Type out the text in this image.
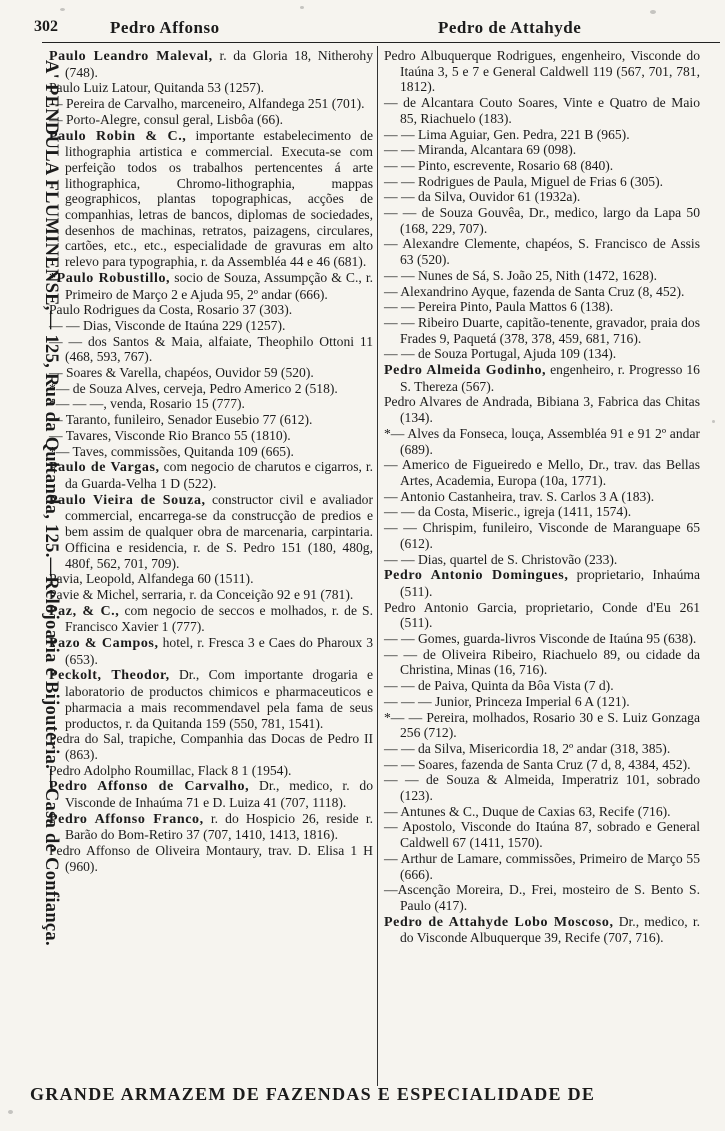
302	Pedro Affonso	Pedro de Attahyde
A' PENDULA FLUMINENSE,— 125, Rua da Quitanda, 125.—Relojoaria e Bijouteria.—Casa de Confiança.

Paulo Leandro Maleval, r. da Gloria 18, Nitherohy (748).

Paulo Luiz Latour, Quitanda 53 (1257).

— Pereira de Carvalho, marceneiro, Alfandega 251 (701).

— Porto-Alegre, consul geral, Lisbôa (66).

Paulo Robin & C., importante estabelecimento de lithographia artistica e commercial. Executa-se com perfeição todos os trabalhos pertencentes á arte lithographica, Chromo-lithographia, mappas geographicos, plantas topographicas, acções de companhias, letras de bancos, diplomas de sociedades, desenhos de machinas, retratos, paizagens, circulares, cartões, etc., etc., especialidade de gravuras em alto relevo para typographia, r. da Assembléa 44 e 46 (681).

*Paulo Robustillo, socio de Souza, Assumpção & C., r. Primeiro de Março 2 e Ajuda 95, 2º andar (666).

Paulo Rodrigues da Costa, Rosario 37 (303).

— — Dias, Visconde de Itaúna 229 (1257).

— — dos Santos & Maia, alfaiate, Theophilo Ottoni 11 (468, 593, 767).

— Soares & Varella, chapéos, Ouvidor 59 (520).

*— de Souza Alves, cerveja, Pedro Americo 2 (518).

*— — —, venda, Rosario 15 (777).

— Taranto, funileiro, Senador Eusebio 77 (612).

— Tavares, Visconde Rio Branco 55 (1810).

*— Taves, commissões, Quitanda 109 (665).

Paulo de Vargas, com negocio de charutos e cigarros, r. da Guarda-Velha 1 D (522).

Paulo Vieira de Souza, constructor civil e avaliador commercial, encarrega-se da construcção de predios e bem assim de qualquer obra de marcenaria, carpintaria. Officina e residencia, r. de S. Pedro 151 (180, 480g, 480f, 562, 701, 709).

Pavia, Leopold, Alfandega 60 (1511).

Pavie & Michel, serraria, r. da Conceição 92 e 91 (781).

Paz, & C., com negocio de seccos e molhados, r. de S. Francisco Xavier 1 (777).

Pazo & Campos, hotel, r. Fresca 3 e Caes do Pharoux 3 (653).

Peckolt, Theodor, Dr., Com importante drogaria e laboratorio de productos chimicos e pharmaceuticos e pharmacia a mais recommendavel pela fama de seus productos, r. da Quitanda 159 (550, 781, 1541).

Pedra do Sal, trapiche, Companhia das Docas de Pedro II (863).

Pedro Adolpho Roumillac, Flack 8 1 (1954).

Pedro Affonso de Carvalho, Dr., medico, r. do Visconde de Inhaúma 71 e D. Luiza 41 (707, 1118).

Pedro Affonso Franco, r. do Hospicio 26, reside r. Barão do Bom-Retiro 37 (707, 1410, 1413, 1816).

Pedro Affonso de Oliveira Montaury, trav. D. Elisa 1 H (960).

Pedro Albuquerque Rodrigues, engenheiro, Visconde do Itaúna 3, 5 e 7 e General Caldwell 119 (567, 701, 781, 1812).

— de Alcantara Couto Soares, Vinte e Quatro de Maio 85, Riachuelo (183).

— — Lima Aguiar, Gen. Pedra, 221 B (965).

— — Miranda, Alcantara 69 (098).

— — Pinto, escrevente, Rosario 68 (840).

— — Rodrigues de Paula, Miguel de Frias 6 (305).

— — da Silva, Ouvidor 61 (1932a).

— — de Souza Gouvêa, Dr., medico, largo da Lapa 50 (168, 229, 707).

— Alexandre Clemente, chapéos, S. Francisco de Assis 63 (520).

— — Nunes de Sá, S. João 25, Nith (1472, 1628).

— Alexandrino Ayque, fazenda de Santa Cruz (8, 452).

— — Pereira Pinto, Paula Mattos 6 (138).

— — Ribeiro Duarte, capitão-tenente, gravador, praia dos Frades 9, Paquetá (378, 378, 459, 681, 716).

— — de Souza Portugal, Ajuda 109 (134).

Pedro Almeida Godinho, engenheiro, r. Progresso 16 S. Thereza (567).

Pedro Alvares de Andrada, Bibiana 3, Fabrica das Chitas (134).

*— Alves da Fonseca, louça, Assembléa 91 e 91 2º andar (689).

— Americo de Figueiredo e Mello, Dr., trav. das Bellas Artes, Academia, Europa (10a, 1771).

— Antonio Castanheira, trav. S. Carlos 3 A (183).

— — da Costa, Miseric., igreja (1411, 1574).

— — Chrispim, funileiro, Visconde de Maranguape 65 (612).

— — Dias, quartel de S. Christovão (233).

Pedro Antonio Domingues, proprietario, Inhaúma (511).

Pedro Antonio Garcia, proprietario, Conde d'Eu 261 (511).

— — Gomes, guarda-livros Visconde de Itaúna 95 (638).

— — de Oliveira Ribeiro, Riachuelo 89, ou cidade da Christina, Minas (16, 716).

— — de Paiva, Quinta da Bôa Vista (7 d).

— — — Junior, Princeza Imperial 6 A (121).

*— — Pereira, molhados, Rosario 30 e S. Luiz Gonzaga 256 (712).

— — da Silva, Misericordia 18, 2º andar (318, 385).

— — Soares, fazenda de Santa Cruz (7 d, 8, 4384, 452).

— — de Souza & Almeida, Imperatriz 101, sobrado (123).

— Antunes & C., Duque de Caxias 63, Recife (716).

— Apostolo, Visconde do Itaúna 87, sobrado e General Caldwell 67 (1411, 1570).

— Arthur de Lamare, commissões, Primeiro de Março 55 (666).

—Ascenção Moreira, D., Frei, mosteiro de S. Bento S. Paulo (417).

Pedro de Attahyde Lobo Moscoso, Dr., medico, r. do Visconde Albuquerque 39, Recife (707, 716).

GRANDE ARMAZEM DE FAZENDAS E ESPECIALIDADE DE
